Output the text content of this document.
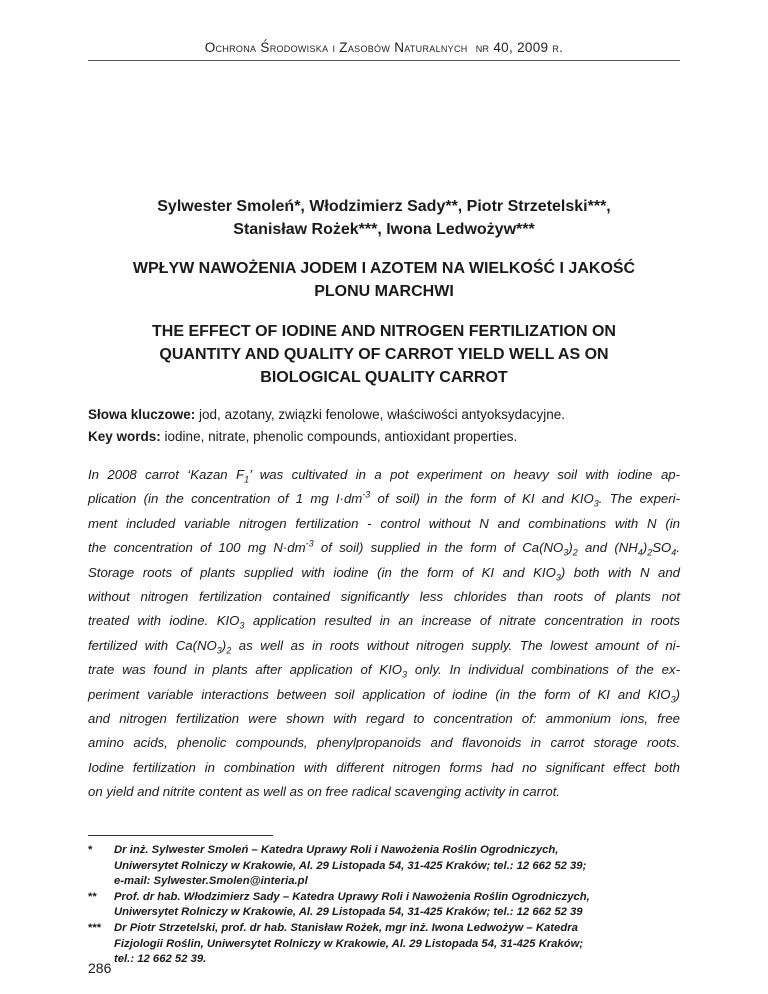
Ochrona Środowiska i Zasobów Naturalnych nr 40, 2009 r.
Sylwester Smoleń*, Włodzimierz Sady**, Piotr Strzetelski***,
Stanisław Rożek***, Iwona Ledwożyw***
WPŁYW NAWOŻENIA JODEM I AZOTEM NA WIELKOŚĆ I JAKOŚĆ
PLONU MARCHWI
THE EFFECT OF IODINE AND NITROGEN FERTILIZATION ON
QUANTITY AND QUALITY OF CARROT YIELD WELL AS ON
BIOLOGICAL QUALITY CARROT
Słowa kluczowe: jod, azotany, związki fenolowe, właściwości antyoksydacyjne.
Key words: iodine, nitrate, phenolic compounds, antioxidant properties.
In 2008 carrot ‘Kazan $F_1$’ was cultivated in a pot experiment on heavy soil with iodine ap-
plication (in the concentration of 1 mg $I\cdot dm^{-3}$ of soil) in the form of KI and $KIO_3$. The experi-
ment included variable nitrogen fertilization - control without N and combinations with N (in
the concentration of 100 mg $N\cdot dm^{-3}$ of soil) supplied in the form of $Ca(NO_3)_2$ and $(NH_4)_2SO_4$.
Storage roots of plants supplied with iodine (in the form of KI and $KIO_3$) both with N and
without nitrogen fertilization contained significantly less chlorides than roots of plants not
treated with iodine. $KIO_3$ application resulted in an increase of nitrate concentration in roots
fertilized with $Ca(NO_3)_2$ as well as in roots without nitrogen supply. The lowest amount of ni-
trate was found in plants after application of $KIO_3$ only. In individual combinations of the ex-
periment variable interactions between soil application of iodine (in the form of KI and $KIO_3$)
and nitrogen fertilization were shown with regard to concentration of: ammonium ions, free
amino acids, phenolic compounds, phenylpropanoids and flavonoids in carrot storage roots.
Iodine fertilization in combination with different nitrogen forms had no significant effect both
on yield and nitrite content as well as on free radical scavenging activity in carrot.
* Dr inż. Sylwester Smoleń – Katedra Uprawy Roli i Nawożenia Roślin Ogrodniczych,
Uniwersytet Rolniczy w Krakowie, Al. 29 Listopada 54, 31-425 Kraków; tel.: 12 662 52 39;
e-mail: Sylwester.Smolen@interia.pl
** Prof. dr hab. Włodzimierz Sady – Katedra Uprawy Roli i Nawożenia Roślin Ogrodniczych,
Uniwersytet Rolniczy w Krakowie, Al. 29 Listopada 54, 31-425 Kraków; tel.: 12 662 52 39
*** Dr Piotr Strzetelski, prof. dr hab. Stanisław Rożek, mgr inż. Iwona Ledwożyw – Katedra
Fizjologii Roślin, Uniwersytet Rolniczy w Krakowie, Al. 29 Listopada 54, 31-425 Kraków;
tel.: 12 662 52 39.
286
